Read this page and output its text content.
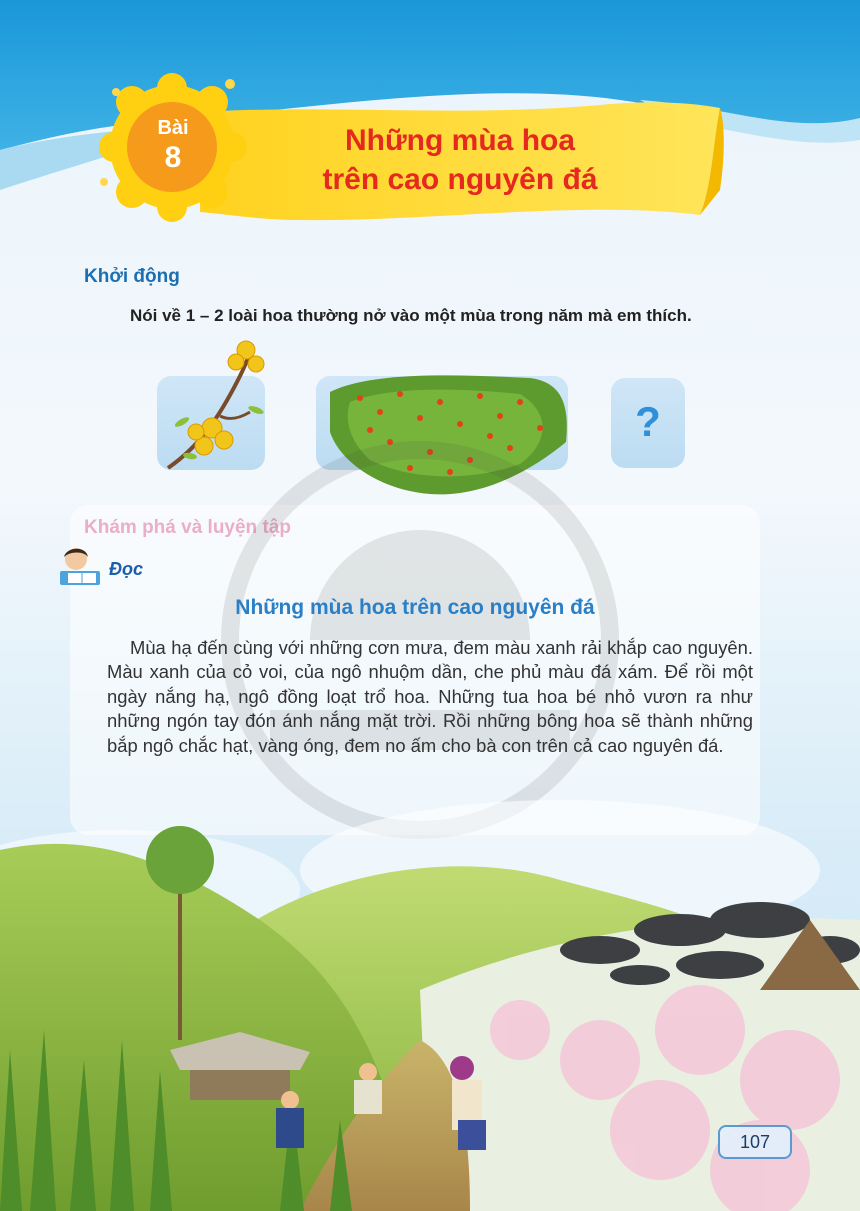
Bài
8
Những mùa hoa
trên cao nguyên đá
Khởi động
Nói về 1 – 2 loài hoa thường nở vào một mùa trong năm mà em thích.
?
Đọc
Những mùa hoa trên cao nguyên đá

Mùa hạ đến cùng với những cơn mưa, đem màu xanh rải khắp cao nguyên. Màu xanh của cỏ voi, của ngô nhuộm dần, che phủ màu đá xám. Để rồi một ngày nắng hạ, ngô đồng loạt trổ hoa. Những tua hoa bé nhỏ vươn ra như những ngón tay đón ánh nắng mặt trời. Rồi những bông hoa sẽ thành những bắp ngô chắc hạt, vàng óng, đem no ấm cho bà con trên cả cao nguyên đá.

107
